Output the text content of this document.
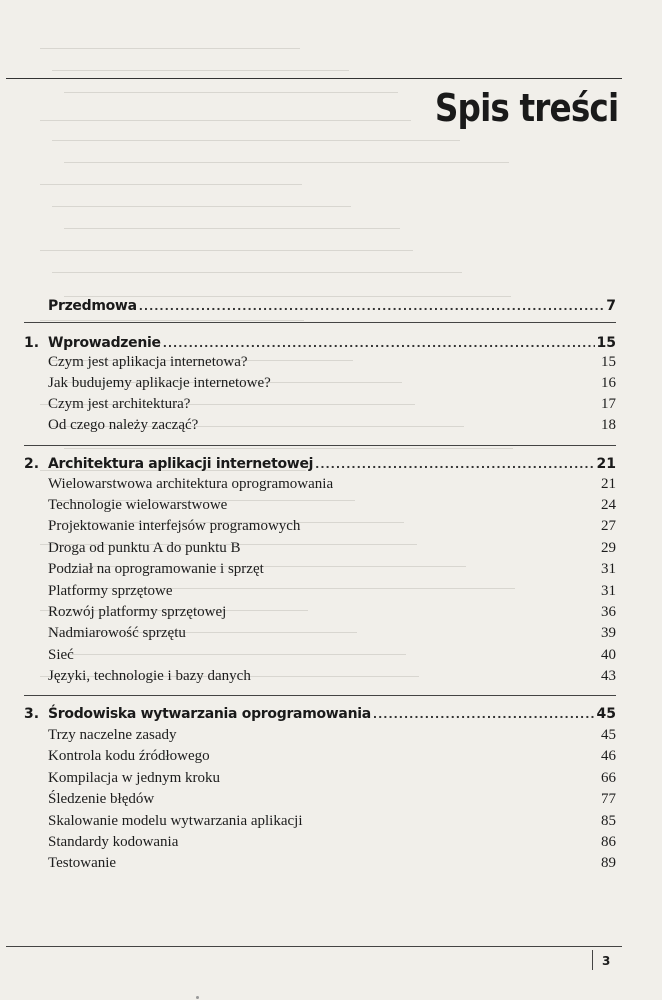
Spis treści
Przedmowa .....	7
1. Wprowadzenie .....	15
Czym jest aplikacja internetowa?	15
Jak budujemy aplikacje internetowe?	16
Czym jest architektura?	17
Od czego należy zacząć?	18
2. Architektura aplikacji internetowej .....	21
Wielowarstwowa architektura oprogramowania	21
Technologie wielowarstwowe	24
Projektowanie interfejsów programowych	27
Droga od punktu A do punktu B	29
Podział na oprogramowanie i sprzęt	31
Platformy sprzętowe	31
Rozwój platformy sprzętowej	36
Nadmiarowość sprzętu	39
Sieć	40
Języki, technologie i bazy danych	43
3. Środowiska wytwarzania oprogramowania .....	45
Trzy naczelne zasady	45
Kontrola kodu źródłowego	46
Kompilacja w jednym kroku	66
Śledzenie błędów	77
Skalowanie modelu wytwarzania aplikacji	85
Standardy kodowania	86
Testowanie	89
3
